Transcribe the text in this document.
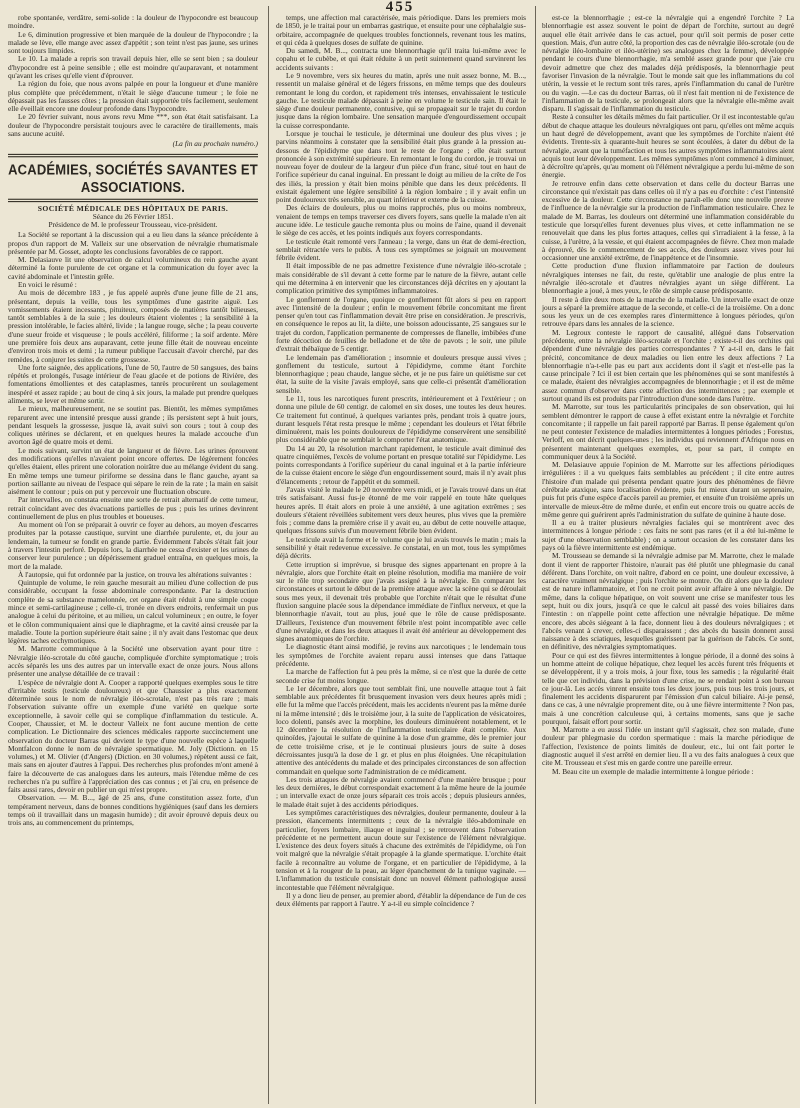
455

robe spontanée, verdâtre, semi-solide : la douleur de l'hypocondre est beaucoup moindre.

Le 6, diminution progressive et bien marquée de la douleur de l'hypocondre ; la malade se lève, elle mange avec assez d'appétit ; son teint n'est pas jaune, ses urines sont toujours limpides.

Le 10. La malade a repris son travail depuis hier, elle se sent bien ; sa douleur d'hypocondre est à peine sensible ; elle est moindre qu'auparavant, et notamment qu'avant les crises qu'elle vient d'éprouver.

La région du foie, que nous avons palpée en pour la longueur et d'une manière plus complète que précédemment, n'était le siège d'aucune tumeur ; le foie ne dépassait pas les fausses côtes ; la pression était supportée très facilement, seulement elle éveillait encore une douleur profonde dans l'hypocondre.

Le 20 février suivant, nous avons revu Mme ***, son état était satisfaisant. La douleur de l'hypocondre persistait toujours avec le caractère de tiraillements, mais sans aucune acuité.

(La fin au prochain numéro.)

ACADÉMIES, SOCIÉTÉS SAVANTES ET ASSOCIATIONS.

SOCIÉTÉ MÉDICALE DES HÔPITAUX DE PARIS.

Séance du 26 Février 1851.

Présidence de M. le professeur Trousseau, vice-président.

La Société se reportant à la discussion qui a eu lieu dans la séance précédente à propos d'un rapport de M. Valleix sur une observation de névralgie rhumatismale présentée par M. Gosset, adopte les conclusions favorables de ce rapport.

M. Delasiauve lit une observation de calcul volumineux du rein gauche ayant déterminé la fonte purulente de cet organe et la communication du foyer avec la cavité abdominale et l'intestin grêle.

En voici le résumé :

Au mois de décembre 183 , je fus appelé auprès d'une jeune fille de 21 ans, présentant, depuis la veille, tous les symptômes d'une gastrite aiguë. Les vomissements étaient incessants, pituiteux, composés de matières tantôt bilieuses, tantôt semblables à de la suie ; les douleurs étaient violentes ; la sensibilité à la pression intolérable, le facies altéré, livide ; la langue rouge, sèche ; la peau couverte d'une sueur froide et visqueuse ; le pouls accéléré, filiforme ; la soif ardente. Mère une première fois deux ans auparavant, cette jeune fille était de nouveau enceinte d'environ trois mois et demi ; la rumeur publique l'accusait d'avoir cherché, par des remèdes, à conjurer les suites de cette grossesse.

Une forte saignée, des applications, l'une de 50, l'autre de 50 sangsues, des bains répétés et prolongés, l'usage intérieur de l'eau glacée et de potions de Rivière, des fomentations émollientes et des cataplasmes, tanrès procurèrent un soulagement inespéré et assez rapide ; au bout de cinq à six jours, la malade put prendre quelques aliments, se lever et même sortir.

Le mieux, malheureusement, ne se soutint pas. Bientôt, les mêmes symptômes reparurent avec une intensité presque aussi grande ; ils persistent sept à huit jours, pendant lesquels la grossesse, jusque là, avait suivi son cours ; tout à coup des coliques utérines se déclarent, et en quelques heures la malade accouche d'un avorton âgé de quatre mois et demi.

Le mois suivant, survint un état de langueur et de fièvre. Les urines éprouvent des modifications qu'elles n'avaient point encore offertes. De légèrement foncées qu'elles étaient, elles prirent une coloration noirâtre due au mélange évident du sang. En même temps une tumeur piriforme se dessina dans le flanc gauche, ayant sa portion saillante au niveau de l'espace qui sépare le rein de la rate ; la main en saisit aisément le contour ; puis on put y percevoir une fluctuation obscure.

Par intervalles, on constata ensuite une sorte de retrait alternatif de cette tumeur, retrait coïncidant avec des évacuations partielles de pus ; puis les urines devinrent continuellement de plus en plus troubles et boueuses.

Au moment où l'on se préparait à ouvrir ce foyer au dehors, au moyen d'escarres produites par la potasse caustique, survint une diarrhée purulente, et, du jour au lendemain, la tumeur se fondit en grande partie. Évidemment l'abcès s'était fait jour à travers l'intestin perforé. Depuis lors, la diarrhée ne cessa d'exister et les urines de conserver leur purulence ; un dépérissement graduel entraîna, en quelques mois, la mort de la malade.

À l'autopsie, qui fut ordonnée par la justice, on trouva les altérations suivantes :

Quintuple de volume, le rein gauche mesurait au milieu d'une collection de pus considérable, occupant la fosse abdominale correspondante. Par la destruction complète de sa substance mamelonnée, cet organe était réduit à une simple coque mince et semi-cartilagineuse ; celle-ci, tronée en divers endroits, renfermait un pus analogue à celui du péritoine, et au milieu, un calcul volumineux ; en outre, le foyer et le côlon communiquaient ainsi que le diaphragme, et la cavité ainsi creusée par la maladie. Toute la portion supérieure était saine ; il n'y avait dans l'estomac que deux légères taches ecchymotiques.

M. Marrotte communique à la Société une observation ayant pour titre : Névralgie iléo-scrotale du côté gauche, compliquée d'orchite symptomatique ; trois accès séparés les uns des autres par un intervalle exact de onze jours. Nous allons présenter une analyse détaillée de ce travail :

L'espèce de névralgie dont A. Cooper a rapporté quelques exemples sous le titre d'irritable testis (testicule douloureux) et que Chaussier a plus exactement déterminée sous le nom de névralgie iléo-scrotale, n'est pas très rare ; mais l'observation suivante offre un exemple d'une variété en quelque sorte exceptionnelle, à savoir celle qui se complique d'inflammation du testicule. A. Cooper, Chaussier, et M. le docteur Valleix ne font aucune mention de cette complication. Le Dictionnaire des sciences médicales rapporte succinctement une observation du docteur Barras qui devient le type d'une nouvelle espèce à laquelle Montfalcon donne le nom de névralgie spermatique. M. Joly (Dictionn. en 15 volumes,) et M. Olivier (d'Angers) (Diction. en 30 volumes,) répètent aussi ce fait, mais sans en ajouter d'autres à l'appui. Des recherches plus profondes m'ont amené à faire la découverte de cas analogues dans les auteurs, mais l'étendue même de ces recherches n'a pu suffire à l'appréciation des cas connus ; et j'ai cru, en présence de faits aussi rares, devoir en publier un qui m'est propre.

Observation. — M. B..., âgé de 25 ans, d'une constitution assez forte, d'un tempérament nerveux, dans de bonnes conditions hygiéniques (sauf dans les derniers temps où il travaillait dans un magasin humide) ; dit avoir éprouvé depuis deux ou trois ans, au commencement du printemps,

temps, une affection mal caractérisée, mais périodique. Dans les premiers mois de 1850, je le traitai pour un embarras gastrique, et ensuite pour une céphalalgie sus-orbitaire, accompagnée de quelques troubles fonctionnels, revenant tous les matins, et qui céda à quelques doses de sulfate de quinine.

Du samedi, M. B..., contracta une blennorrhagie qu'il traita lui-même avec le copahu et le cubèbe, et qui était réduite à un petit suintement quand survinrent les accidents suivants :

Le 9 novembre, vers six heures du matin, après une nuit assez bonne, M. B..., ressentit un malaise général et de légers frissons, en même temps que des douleurs remontant le long du cordon, et rapidement très intenses, envahissaient le testicule gauche. Le testicule malade dépassait à peine en volume le testicule sain. Il était le siège d'une douleur permanente, contusive, qui se propageait sur le trajet du cordon jusque dans la région lombaire. Une sensation marquée d'engourdissement occupait la cuisse correspondante.

Lorsque je touchai le testicule, je déterminai une douleur des plus vives ; je parvins néanmoins à constater que la sensibilité était plus grande à la pression au-dessous de l'épididyme que dans tout le reste de l'organe ; elle était surtout prononcée à son extrémité supérieure. En remontant le long du cordon, je trouvai un nouveau foyer de douleur de la largeur d'un pièce d'un franc, situé tout en haut de l'orifice supérieur du canal inguinal. En pressant le doigt au milieu de la crête de l'os des iliés, la pression y était bien moins pénible que dans les deux précédents. Il existait également une légère sensibilité à la région lombaire ; il y avait enfin un point douloureux très sensible, au quart inférieur et externe de la cuisse.

Des éclairs de douleurs, plus ou moins rapprochés, plus ou moins nombreux, venaient de temps en temps traverser ces divers foyers, sans quelle la malade n'en ait aucune idée. Le testicule gauche remonta plus ou moins de l'aine, quand il devenait le siège de ces accès, et les points indiqués aux foyers correspondants.

Le testicule était remonté vers l'anneau ; la verge, dans un état de demi-érection, semblait rétractée vers le pubis. À tous ces symptômes se joignait un mouvement fébrile évident.

Il était impossible de ne pas admettre l'existence d'une névralgie iléo-scrotale ; mais considérable de s'il devant à cette forme par le nature de la fièvre, autant celle qui me détermina à en intervenir que les circonstances déjà décrites en y ajoutant la complication primitive des symptômes inflammatoires.

Le gonflement de l'organe, quoique ce gonflement fût alors si peu en rapport avec l'intensité de la douleur ; enfin le mouvement fébrile concomitant me firent penser qu'en tout cas l'inflammation devait être prise en considération. Je prescrivis, en conséquence le repos au lit, la diète, une boisson adoucissante, 25 sangsues sur le trajet du cordon, l'application permanente de compresses de flanelle, imbibées d'une forte décoction de feuilles de belladone et de tête de pavots ; le soir, une pilule d'extrait thébaïque de 5 centigr.

Le lendemain pas d'amélioration ; insomnie et douleurs presque aussi vives ; gonflement du testicule, surtout à l'épididyme, comme étant l'orchite blennorrhagique ; peau chaude, langue sèche, et je ne pus faire un quiétisme sur cet état, la suite de la visite j'avais employé, sans que celle-ci présentât d'amélioration sensible.

Le 11, tous les narcotiques furent prescrits, intérieurement et à l'extérieur ; on donna une pilule de 60 centigr. de calomel en six doses, une toutes les deux heures. Ce traitement fut continué, à quelques variantes près, pendant trois à quatre jours, durant lesquels l'état resta presque le même ; cependant les douleurs et l'état fébrile diminuèrent, mais les points douloureux de l'épididyme conservèrent une sensibilité plus considérable que ne semblait le comporter l'état anatomique.

Du 14 au 20, la résolution marchant rapidement, le testicule avait diminué des quatre cinquièmes, l'excès de volume portant en presque totalité sur l'épididyme. Les points correspondants à l'orifice supérieur du canal inguinal et à la partie inférieure de la cuisse étaient encore le siège d'un engourdissement sourd, mais il n'y avait plus d'élancements ; retour de l'appétit et du sommeil.

J'avais visité le malade le 20 novembre vers midi, et je l'avais trouvé dans un état très satisfaisant. Aussi fus-je étonné de me voir rappelé en toute hâte quelques heures après. Il était alors en proie à une anxiété, à une agitation extrêmes ; ses douleurs s'étaient réveillées subitement vers deux heures, plus vives que la première fois ; comme dans la première crise il y avait eu, au début de cette nouvelle attaque, quelques frissons suivis d'un mouvement fébrile bien évident.

Le testicule avait la forme et le volume que je lui avais trouvés le matin ; mais la sensibilité y était redevenue excessive. Je constatai, en un mot, tous les symptômes déjà décrits.

Cette irruption si imprévue, si brusque des signes appartenant en propre à la névralgie, alors que l'orchite était en pleine résolution, modifia ma manière de voir sur le rôle trop secondaire que j'avais assigné à la névralgie. En comparant les circonstances et surtout le début de la première attaque avec la scène qui se déroulait sous mes yeux, il devenait très probable que l'orchite n'était que le résultat d'une fluxion sanguine placée sous la dépendance immédiate de l'influx nerveux, et que la blennorrhagie n'avait, tout au plus, joué que le rôle de cause prédisposante. D'ailleurs, l'existence d'un mouvement fébrile n'est point incompatible avec celle d'une névralgie, et dans les deux attaques il avait été antérieur au développement des signes anatomiques de l'orchite.

Le diagnostic étant ainsi modifié, je revins aux narcotiques ; le lendemain tous les symptômes de l'orchite avaient reparu aussi intenses que dans l'attaque précédente.

La marche de l'affection fut à peu près la même, si ce n'est que la durée de cette seconde crise fut moins longue.

Le 1er décembre, alors que tout semblait fini, une nouvelle attaque tout à fait semblable aux précédentes fit brusquement invasion vers deux heures après midi ; elle fut la même que l'accès précédent, mais les accidents n'eurent pas la même durée ni la même intensité ; dès le troisième jour, à la suite de l'application de vésicatoires, loco dolenti, pansés avec la morphine, les douleurs diminuèrent notablement, et le 12 décembre la résolution de l'inflammation testiculaire était complète. Aux quinoïdes, j'ajoutai le sulfate de quinine à la dose d'un gramme, dès le premier jour de cette troisième crise, et je le continuai plusieurs jours de suite à doses décroissantes jusqu'à la dose de 1 gr. et plus en plus éloignées. Une récapitulation attentive des antécédents du malade et des principales circonstances de son affection commandait en quelque sorte l'administration de ce médicament.

Les trois attaques de névralgie avaient commencé d'une manière brusque ; pour les deux dernières, le début correspondait exactement à la même heure de la journée ; un intervalle exact de onze jours séparait ces trois accès ; depuis plusieurs années, le malade était sujet à des accidents périodiques.

Les symptômes caractéristiques des névralgies, douleur permanente, douleur à la pression, élancements intermittents ; ceux de la névralgie iléo-abdominale en particulier, foyers lombaire, iliaque et inguinal ; se retrouvent dans l'observation précédente et ne permettent aucun doute sur l'existence de l'élément névralgique. L'existence des deux foyers situés à chacune des extrémités de l'épididyme, où l'on voit malgré que la névralgie s'était propagée à la glande spermatique. L'orchite était facile à reconnaître au volume de l'organe, et en particulier de l'épididyme, à la tension et à la rougeur de la peau, au léger épanchement de la tunique vaginale. — L'inflammation du testicule consistait donc un nouvel élément pathologique aussi incontestable que l'élément névralgique.

Il y a donc lieu de penser, au premier abord, d'établir la dépendance de l'un de ces deux éléments par rapport à l'autre. Y a-t-il eu simple coïncidence ?

est-ce la blennorrhagie ; est-ce la névralgie qui a engendré l'orchite ? La blennorrhagie est assez souvent le point de départ de l'orchite, surtout au degré auquel elle était arrivée dans le cas actuel, pour qu'il soit permis de poser cette question. Mais, d'un autre côté, la proportion des cas de névralgie iléo-scrotale (ou de névralgie iléo-lombaire et iléo-utérine) ses analogues chez la femme), développée pendant le cours d'une blennorrhagie, m'a semblé assez grande pour que j'aie cru devoir admettre que chez des malades déjà prédisposés, la blennorrhagie peut favoriser l'invasion de la névralgie. Tout le monde sait que les inflammations du col utérin, la vessie et le rectum sont très rares, après l'inflammation du canal de l'urètre ou du vagin. —Le cas du docteur Barras, où il n'est fait mention ni de l'existence de l'inflammation de la testicule, se prolongeait alors que la névralgie elle-même avait disparu. Il s'agissait de l'inflammation du testicule.

Reste à consulter les détails mêmes du fait particulier. Or il est incontestable qu'au début de chaque attaque les douleurs névralgiques ont paru, qu'elles ont même acquis un haut degré de développement, avant que les symptômes de l'orchite n'aient été évidents. Trente-six à quarante-huit heures se sont écoulées, à dater du début de la névralgie, avant que la tuméfaction et tous les autres symptômes inflammatoires aient acquis tout leur développement. Les mêmes symptômes n'ont commencé à diminuer, à décroître qu'après, qu'au moment où l'élément névralgique a perdu lui-même de son énergie.

Je retrouve enfin dans cette observation et dans celle du docteur Barras une circonstance qui n'existait pas dans celles où il n'y a pas eu d'orchite : c'est l'intensité excessive de la douleur. Cette circonstance ne paraît-elle donc une nouvelle preuve de l'influence de la névralgie sur la production de l'inflammation testiculaire. Chez le malade de M. Barras, les douleurs ont déterminé une inflammation considérable du testicule que lorsqu'elles furent devenues plus vives, et cette inflammation ne se renouvelait que dans les plus fortes attaques, celles qui s'irradiaient à la fesse, à la cuisse, à l'urètre, à la vessie, et qui étaient accompagnées de fièvre. Chez mon malade à éprouvé, dès le commencement de ses accès, des douleurs assez vives pour lui occasionner une anxiété extrême, de l'inappétence et de l'insomnie.

Cette production d'une fluxion inflammatoire par l'action de douleurs névralgiques intenses ne fait, du reste, qu'établir une analogie de plus entre la névralgie iléo-scrotale et d'autres névralgies ayant un siège différent. La blennorrhagie a joué, à mes yeux, le rôle de simple cause prédisposante.

Il reste à dire deux mots de la marche de la maladie. Un intervalle exact de onze jours a séparé la première attaque de la seconde, et celle-ci de la troisième. On a donc sous les yeux un de ces exemples rares d'intermittence à longues périodes, qu'on retrouve épars dans les annales de la science.

M. Legroux conteste le rapport de causalité, allégué dans l'observation précédente, entre la névralgie iléo-scrotale et l'orchite ; existe-t-il des orchites qui dépendent d'une névralgie des parties correspondantes ? Y a-t-il en, dans le fait précité, concomitance de deux maladies ou lien entre les deux affections ? La blennorrhagie n'a-t-elle pas eu part aux accidents dont il s'agit et n'est-elle pas la cause principale ? Ici il est bien certain que les phénomènes qui se sont manifestés à ce malade, étaient des névralgies accompagnées de blennorrhagie ; et il est de même assez commun d'observer dans cette affection des intermittences ; par exemple et surtout quand ils est produits par l'introduction d'une sonde dans l'urètre.

M. Marrotte, sur tous les particularités principales de son observation, qui lui semblent démontrer le rapport de cause à effet existant entre la névralgie et l'orchite concomitante ; il rappelle un fait pareil rapporté par Barras. Il pense également qu'on ne peut contester l'existence de maladies intermittentes à longues périodes ; Forestus, Verloff, en ont décrit quelques-unes ; les individus qui reviennent d'Afrique nous en présentent maintenant quelques exemples, et, pour sa part, il compte en communiquer deux à la Société.

M. Delasiauve appuie l'opinion de M. Marrotte sur les affections périodiques irrégulières : il a vu quelques faits semblables au précédent ; il cite entre autres l'histoire d'un malade qui présenta pendant quatre jours des phénomènes de fièvre cérébrale ataxique, sans localisation évidente, puis fut mieux durant un septenaire, puis fut pris d'une espèce d'accès pareil au premier, et ensuite d'un troisième après un intervalle de mieux-être de même durée, et enfin eut encore trois ou quatre accès de même genre qui guérirent après l'administration du sulfate de quinine à haute dose.

Il a eu à traiter plusieurs névralgies faciales qui se montrèrent avec des intermittences à longue période : ces faits ne sont pas rares (et il a été lui-même le sujet d'une observation semblable) ; on a surtout occasion de les constater dans les pays où la fièvre intermittente est endémique.

M. Trousseau se demande si la névralgie admise par M. Marrotte, chez le malade dont il vient de rapporter l'histoire, n'aurait pas été plutôt une phlegmasie du canal déférent. Dans l'orchite, on voit naître, d'abord en ce point, une douleur excessive, à caractère vraiment névralgique ; puis l'orchite se montre. On dit alors que la douleur est de nature inflammatoire, et l'on ne croit point avoir affaire à une névralgie. De même, dans la colique hépatique, on voit souvent une crise se manifester tous les sept, huit ou dix jours, jusqu'à ce que le calcul ait passé des voies biliaires dans l'intestin : on n'appelle point cette affection une névralgie hépatique. De même encore, des abcès siégeant à la face, donnent lieu à des douleurs névralgiques ; et l'abcès venant à crever, celles-ci disparaissent ; des abcès du bassin donnent aussi naissance à des sciatiques, lesquelles guérissent par la guérison de l'abcès. Ce sont, en définitive, des névralgies symptomatiques.

Pour ce qui est des fièvres intermittentes à longue période, il a donné des soins à un homme atteint de colique hépatique, chez lequel les accès furent très fréquents et se développèrent, il y a trois mois, à jour fixe, tous les samedis ; la régularité était telle que cet individu, dans la prévision d'une crise, ne se rendait point à son bureau ce jour-là. Les accès vinrent ensuite tous les deux jours, puis tous les trois jours, et finalement les accidents disparurent par l'émission d'un calcul biliaire. Ai-je pensé, dans ce cas, à une névralgie proprement dite, ou à une fièvre intermittente ? Non pas, mais à une concrétion calculeuse qui, à certains moments, sans que je sache pourquoi, faisait effort pour sortir.

M. Marrotte a eu aussi l'idée un instant qu'il s'agissait, chez son malade, d'une douleur par phlegmasie du cordon spermatique : mais la marche périodique de l'affection, l'existence de points limités de douleur, etc., lui ont fait porter le diagnostic auquel il s'est arrêté en dernier lieu. Il a vu des faits analogues à ceux que cite M. Trousseau et s'est mis en garde contre une pareille erreur.

M. Beau cite un exemple de maladie intermittente à longue période :
